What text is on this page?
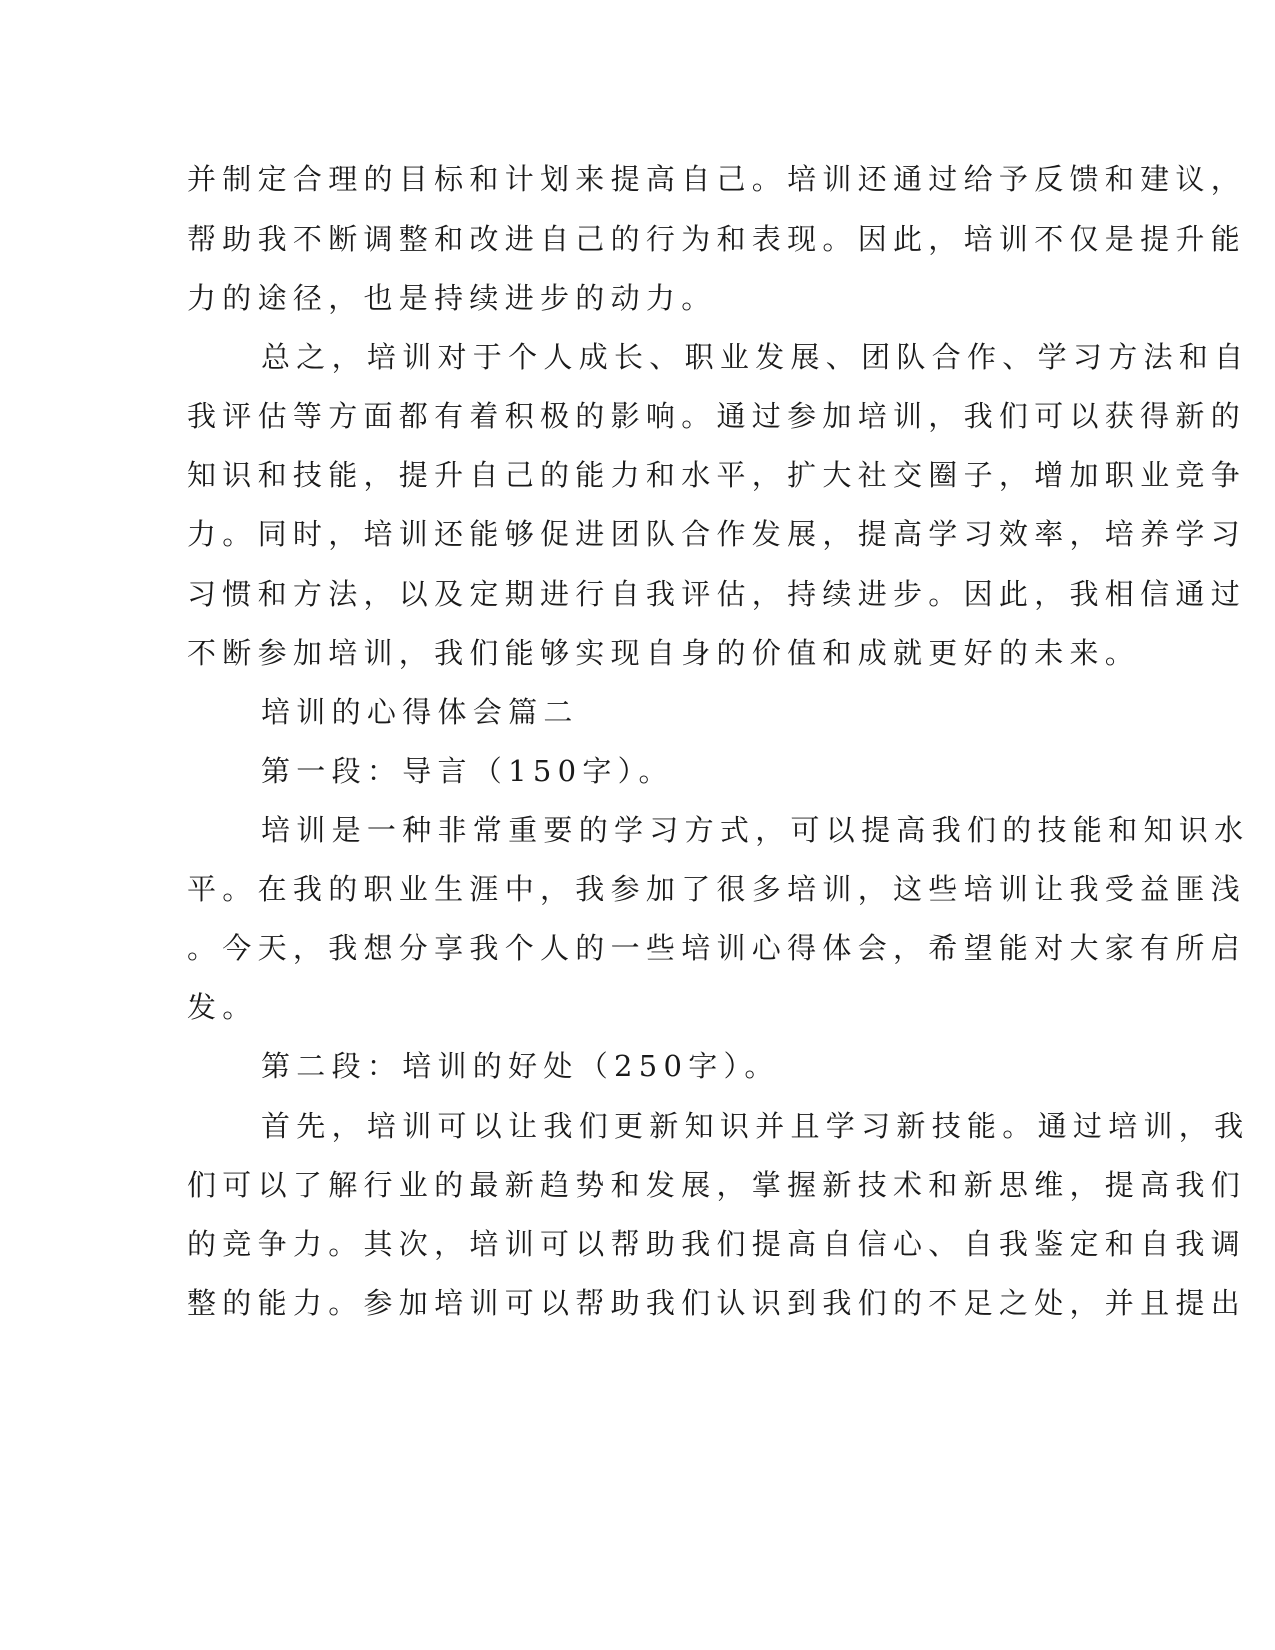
并制定合理的目标和计划来提高自己。培训还通过给予反馈和建议，
帮助我不断调整和改进自己的行为和表现。因此，培训不仅是提升能
力的途径，也是持续进步的动力。
总之，培训对于个人成长、职业发展、团队合作、学习方法和自
我评估等方面都有着积极的影响。通过参加培训，我们可以获得新的
知识和技能，提升自己的能力和水平，扩大社交圈子，增加职业竞争
力。同时，培训还能够促进团队合作发展，提高学习效率，培养学习
习惯和方法，以及定期进行自我评估，持续进步。因此，我相信通过
不断参加培训，我们能够实现自身的价值和成就更好的未来。
培训的心得体会篇二
第一段：导言（150字）。
培训是一种非常重要的学习方式，可以提高我们的技能和知识水
平。在我的职业生涯中，我参加了很多培训，这些培训让我受益匪浅
。今天，我想分享我个人的一些培训心得体会，希望能对大家有所启
发。
第二段：培训的好处（250字）。
首先，培训可以让我们更新知识并且学习新技能。通过培训，我
们可以了解行业的最新趋势和发展，掌握新技术和新思维，提高我们
的竞争力。其次，培训可以帮助我们提高自信心、自我鉴定和自我调
整的能力。参加培训可以帮助我们认识到我们的不足之处，并且提出
